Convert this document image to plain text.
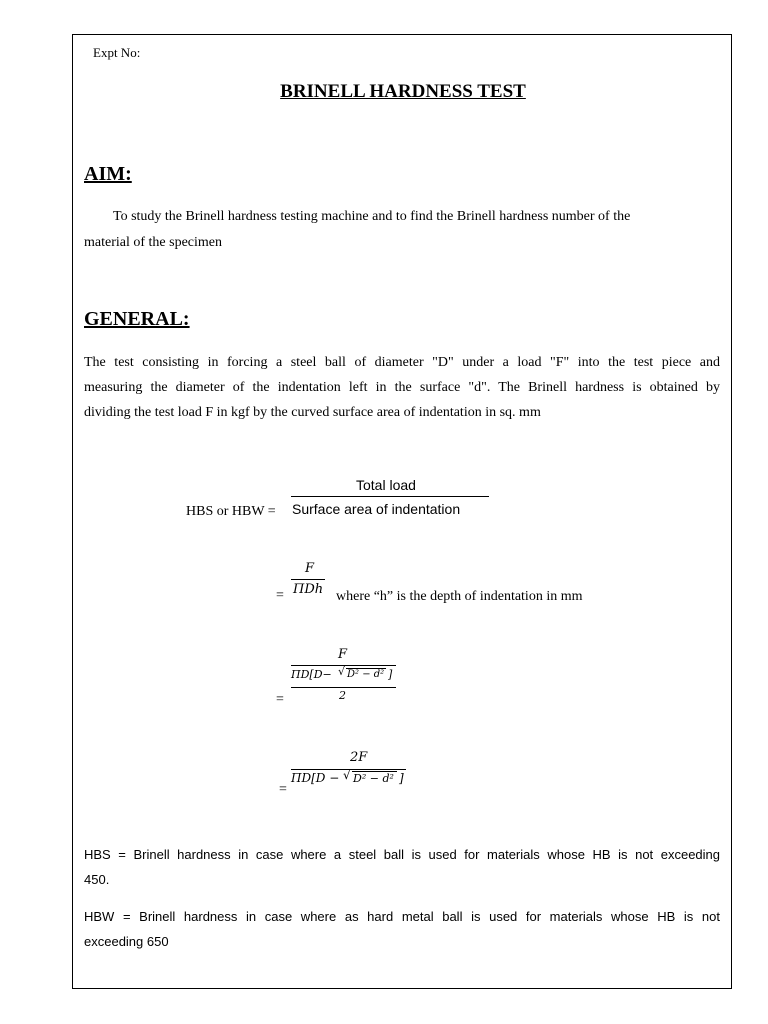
Expt No:
BRINELL HARDNESS TEST
AIM:
To study the Brinell hardness testing machine and to find the Brinell hardness number of the
material of the specimen
GENERAL:
The test consisting in forcing a steel ball of diameter "D" under a load "F" into the test piece and
measuring the diameter of the indentation left in the surface "d". The Brinell hardness is obtained by
dividing the test load F in kgf by the curved surface area of indentation in sq. mm
HBS or HBW =
Total load
Surface area of indentation
F
= ΠDh where “h” is the depth of indentation in mm
F
ΠD[D− √ D² − d² ]
2
=
2F
ΠD[D − √ D² − d² ]
=
HBS = Brinell hardness in case where a steel ball is used for materials whose HB is not exceeding
450.
HBW = Brinell hardness in case where as hard metal ball is used for materials whose HB is not
exceeding 650
